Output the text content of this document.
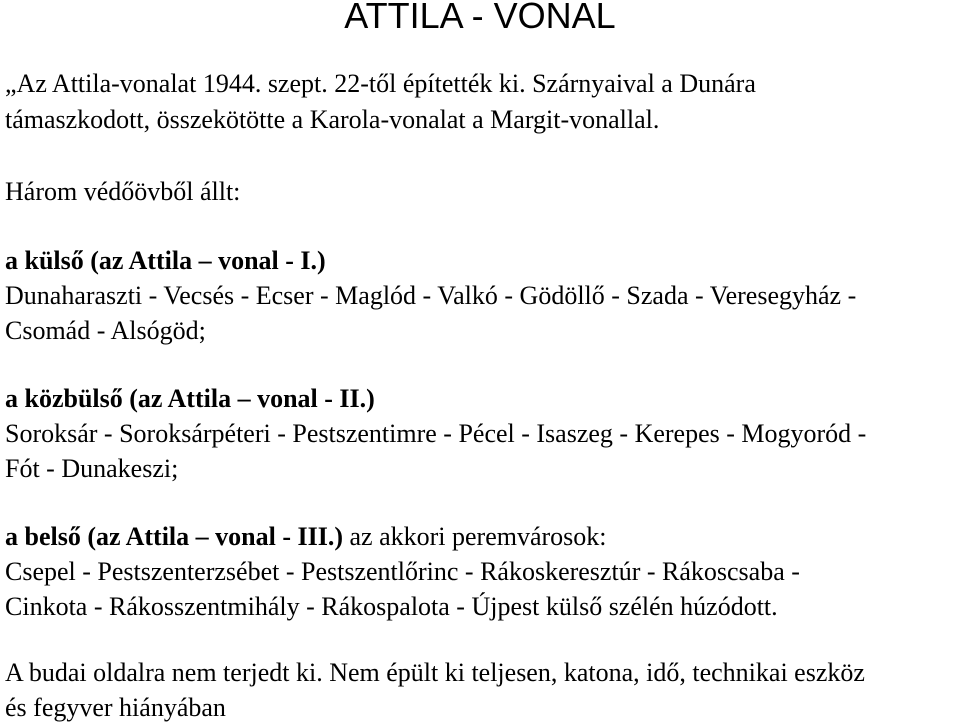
ATTILA - VONAL

„Az Attila-vonalat 1944. szept. 22-től építették ki. Szárnyaival a Dunára

támaszkodott, összekötötte a Karola-vonalat a Margit-vonallal.

Három védőövből állt:

a külső (az Attila – vonal - I.)

Dunaharaszti - Vecsés - Ecser - Maglód - Valkó - Gödöllő - Szada - Veresegyház -

Csomád - Alsógöd;

a közbülső (az Attila – vonal - II.)

Soroksár - Soroksárpéteri - Pestszentimre - Pécel - Isaszeg - Kerepes - Mogyoród -

Fót - Dunakeszi;

a belső (az Attila – vonal - III.) az akkori peremvárosok:

Csepel - Pestszenterzsébet - Pestszentlőrinc - Rákoskeresztúr - Rákoscsaba -

Cinkota - Rákosszentmihály - Rákospalota - Újpest külső szélén húzódott.

A budai oldalra nem terjedt ki. Nem épült ki teljesen, katona, idő, technikai eszköz

és fegyver hiányában
